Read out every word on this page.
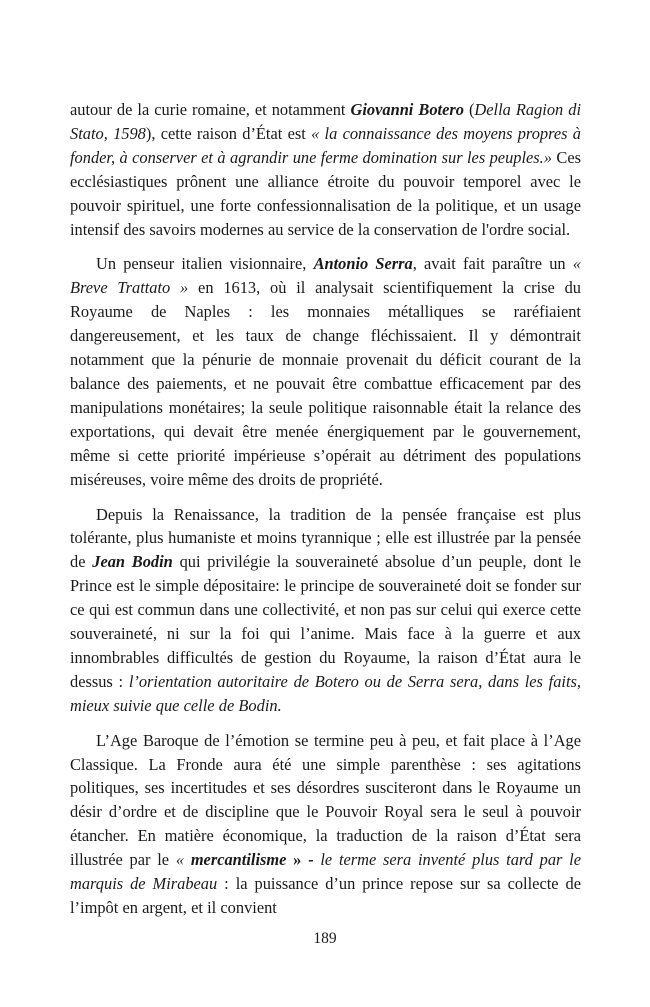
autour de la curie romaine, et notamment Giovanni Botero (Della Ragion di Stato, 1598), cette raison d’État est « la connaissance des moyens propres à fonder, à conserver et à agrandir une ferme domination sur les peuples.» Ces ecclésiastiques prônent une alliance étroite du pouvoir temporel avec le pouvoir spirituel, une forte confessionnalisation de la politique, et un usage intensif des savoirs modernes au service de la conservation de l'ordre social.

Un penseur italien visionnaire, Antonio Serra, avait fait paraître un « Breve Trattato » en 1613, où il analysait scientifiquement la crise du Royaume de Naples : les monnaies métalliques se raréfiaient dangereusement, et les taux de change fléchissaient. Il y démontrait notamment que la pénurie de monnaie provenait du déficit courant de la balance des paiements, et ne pouvait être combattue efficacement par des manipulations monétaires; la seule politique raisonnable était la relance des exportations, qui devait être menée énergiquement par le gouvernement, même si cette priorité impérieuse s’opérait au détriment des populations miséreuses, voire même des droits de propriété.

Depuis la Renaissance, la tradition de la pensée française est plus tolérante, plus humaniste et moins tyrannique ; elle est illustrée par la pensée de Jean Bodin qui privilégie la souveraineté absolue d’un peuple, dont le Prince est le simple dépositaire: le principe de souveraineté doit se fonder sur ce qui est commun dans une collectivité, et non pas sur celui qui exerce cette souveraineté, ni sur la foi qui l’anime. Mais face à la guerre et aux innombrables difficultés de gestion du Royaume, la raison d’État aura le dessus : l’orientation autoritaire de Botero ou de Serra sera, dans les faits, mieux suivie que celle de Bodin.

L’Age Baroque de l’émotion se termine peu à peu, et fait place à l’Age Classique. La Fronde aura été une simple parenthèse : ses agitations politiques, ses incertitudes et ses désordres susciteront dans le Royaume un désir d’ordre et de discipline que le Pouvoir Royal sera le seul à pouvoir étancher. En matière économique, la traduction de la raison d’État sera illustrée par le « mercantilisme » - le terme sera inventé plus tard par le marquis de Mirabeau : la puissance d’un prince repose sur sa collecte de l’impôt en argent, et il convient

189
